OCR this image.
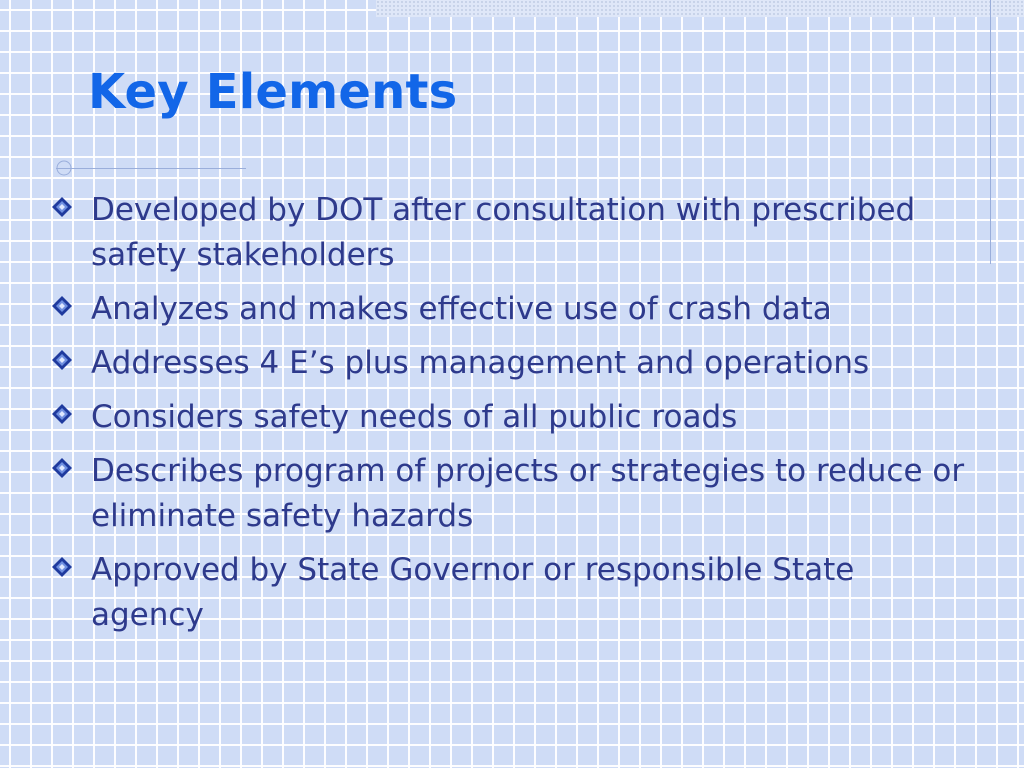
Key Elements
Developed by DOT after consultation with prescribed safety stakeholders
Analyzes and makes effective use of crash data
Addresses 4 E’s plus management and operations
Considers safety needs of all public roads
Describes program of projects or strategies to reduce or eliminate safety hazards
Approved by State Governor or responsible State agency
